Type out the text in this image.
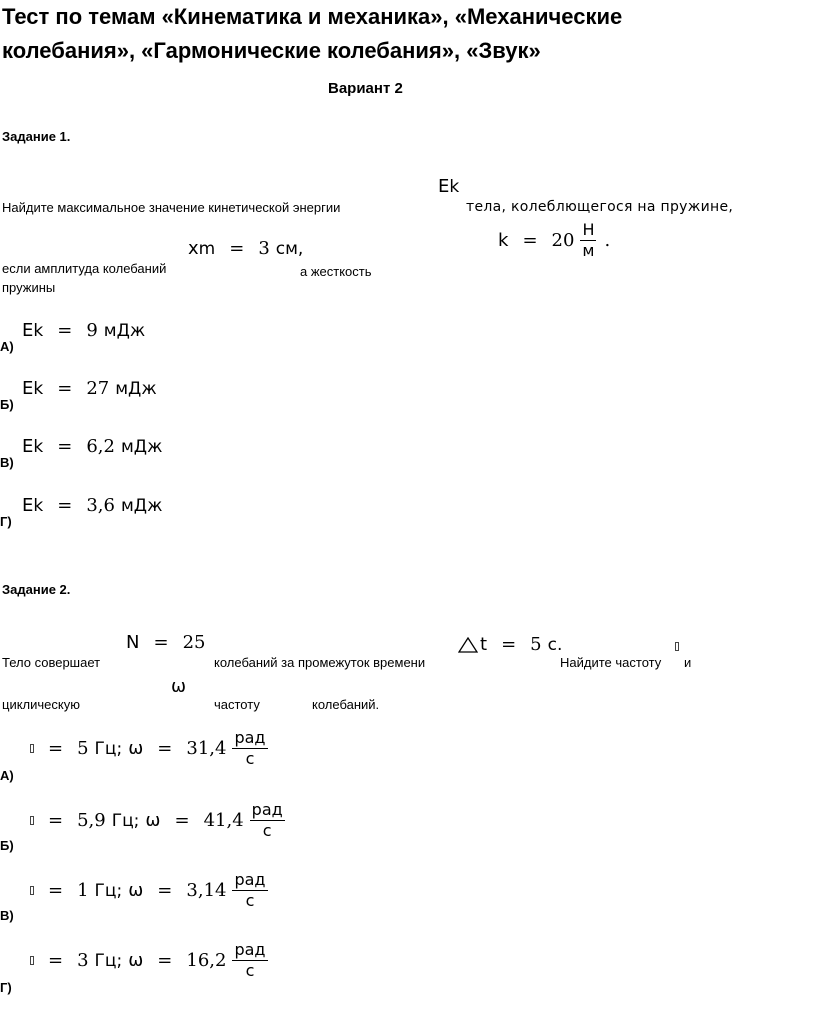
Тест по темам «Кинематика и механика», «Механические
колебания», «Гармонические колебания», «Звук»
Вариант 2
Задание 1.
E k
Найдите максимальное значение кинетической энергии	тела, колеблющегося на пружине,
x m = 3 см,	$k = 20 \frac{Н}{м}$ .
если амплитуда колебаний	а жесткость
пружины
E k = 9 мДж
А)
E k = 27 мДж
Б)
E k = 6,2 мДж
В)
E k = 3,6 мДж
Г)
Задание 2.
N = 25	t = 5 с.
Тело совершает	колебаний за промежуток времени	Найдите частоту и
ω
циклическую	частоту	колебаний.
= 5 Гц; $\omega = 31,4 \frac{\text{рад}}{с}$
А)
= 5,9 Гц; $\omega = 41,4 \frac{\text{рад}}{с}$
Б)
= 1 Гц; $\omega = 3,14 \frac{\text{рад}}{с}$
В)
= 3 Гц; $\omega = 16,2 \frac{\text{рад}}{с}$
Г)
